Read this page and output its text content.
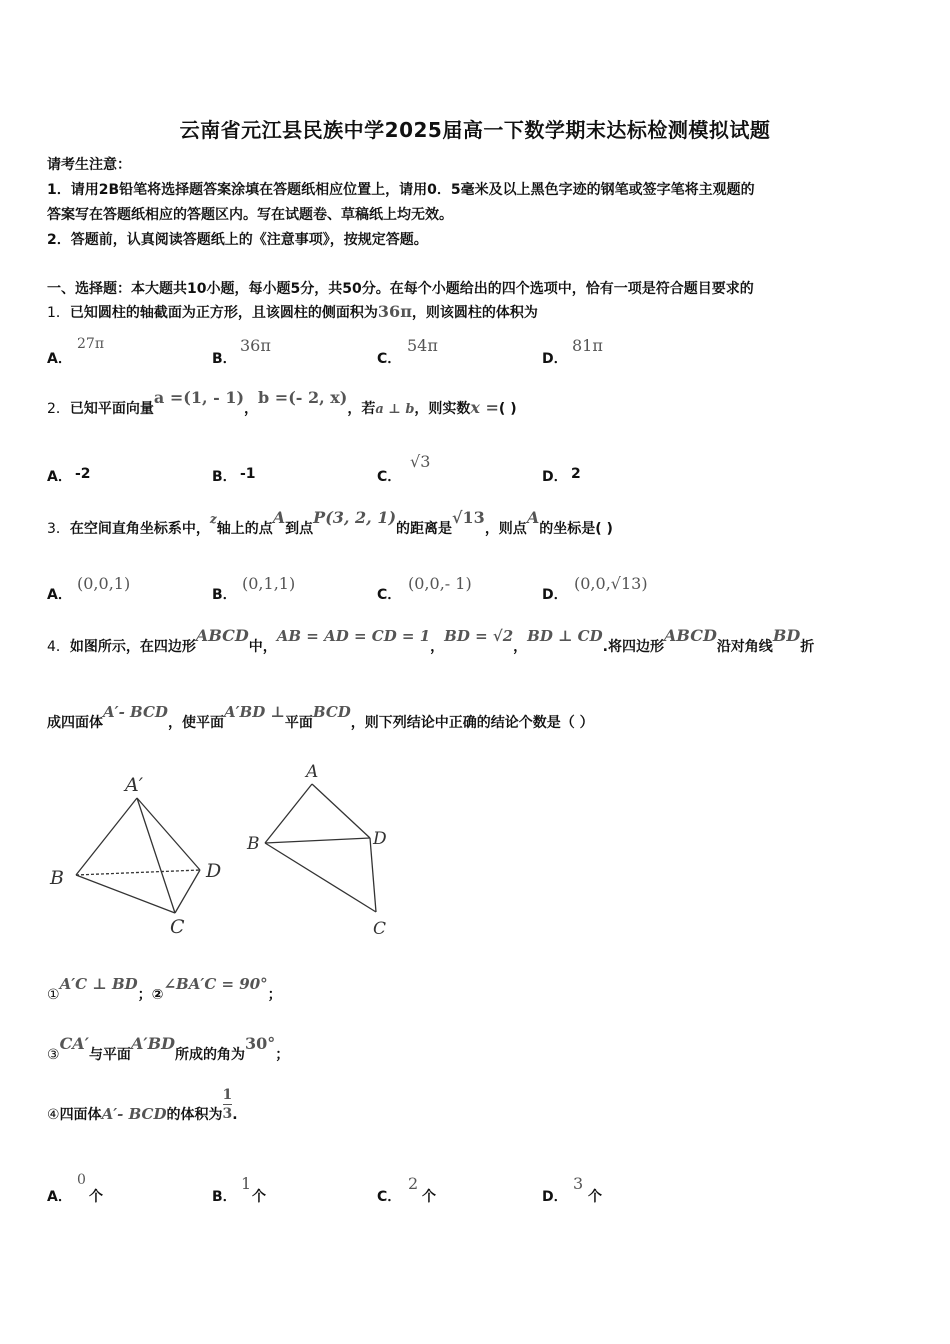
云南省元江县民族中学2025届高一下数学期末达标检测模拟试题
请考生注意：
1．请用2B铅笔将选择题答案涂填在答题纸相应位置上，请用0．5毫米及以上黑色字迹的钢笔或签字笔将主观题的
答案写在答题纸相应的答题区内。写在试题卷、草稿纸上均无效。
2．答题前，认真阅读答题纸上的《注意事项》，按规定答题。
一、选择题：本大题共10小题，每小题5分，共50分。在每个小题给出的四个选项中，恰有一项是符合题目要求的
1．已知圆柱的轴截面为正方形，且该圆柱的侧面积为36π，则该圆柱的体积为
A．
27π
B．
36π
C．
54π
D．
81π
2．已知平面向量a =(1, - 1)，b =(- 2, x)，若a ⊥ b，则实数x =( )
A． -2	B． -1	C．
√3
D． 2
3．在空间直角坐标系中，z轴上的点A到点P(3, 2, 1)的距离是√13，则点A的坐标是( )
A．
(0,0,1)
B．
(0,1,1)
C．
(0,0,- 1)
D．
(0,0,√13)
4．如图所示，在四边形ABCD中，AB = AD = CD = 1，BD = √2，BD ⊥ CD.将四边形ABCD沿对角线BD折
成四面体A′- BCD，使平面A′BD ⊥平面BCD，则下列结论中正确的结论个数是（ ）
A′
B	D
C
A
B	D
C
①A′C ⊥ BD；②∠BA′C = 90°；
③CA′与平面A′BD所成的角为30°；
④四面体A′- BCD的体积为 $\frac{1}{3}$ .
A．
0
个	B．
1
个	C．
2
个	D．
3
个
